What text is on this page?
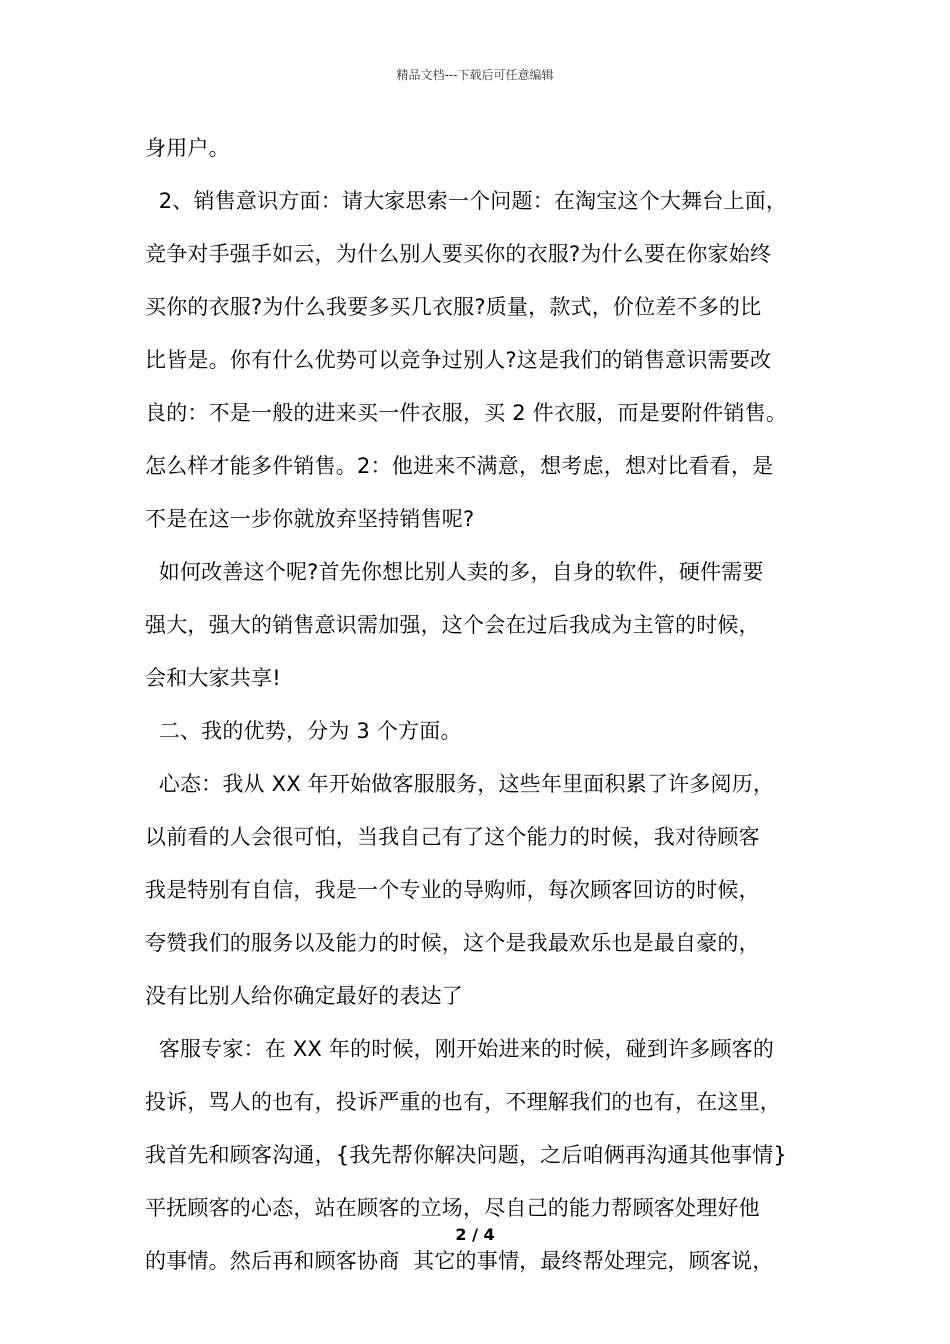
精品文档---下载后可任意编辑
身用户。
2、销售意识方面：请大家思索一个问题：在淘宝这个大舞台上面，
竞争对手强手如云，为什么别人要买你的衣服?为什么要在你家始终
买你的衣服?为什么我要多买几衣服?质量，款式，价位差不多的比
比皆是。你有什么优势可以竞争过别人?这是我们的销售意识需要改
良的：不是一般的进来买一件衣服，买 2 件衣服，而是要附件销售。
怎么样才能多件销售。2：他进来不满意，想考虑，想对比看看，是
不是在这一步你就放弃坚持销售呢?
如何改善这个呢?首先你想比别人卖的多，自身的软件，硬件需要
强大，强大的销售意识需加强，这个会在过后我成为主管的时候，
会和大家共享!
二、我的优势，分为 3 个方面。
心态：我从 XX 年开始做客服服务，这些年里面积累了许多阅历，
以前看的人会很可怕，当我自己有了这个能力的时候，我对待顾客
我是特别有自信，我是一个专业的导购师，每次顾客回访的时候，
夸赞我们的服务以及能力的时候，这个是我最欢乐也是最自豪的，
没有比别人给你确定最好的表达了
客服专家：在 XX 年的时候，刚开始进来的时候，碰到许多顾客的
投诉，骂人的也有，投诉严重的也有，不理解我们的也有，在这里，
我首先和顾客沟通，{我先帮你解决问题，之后咱俩再沟通其他事情}
平抚顾客的心态，站在顾客的立场，尽自己的能力帮顾客处理好他
的事情。然后再和顾客协商  其它的事情，最终帮处理完，顾客说，
2 / 4
